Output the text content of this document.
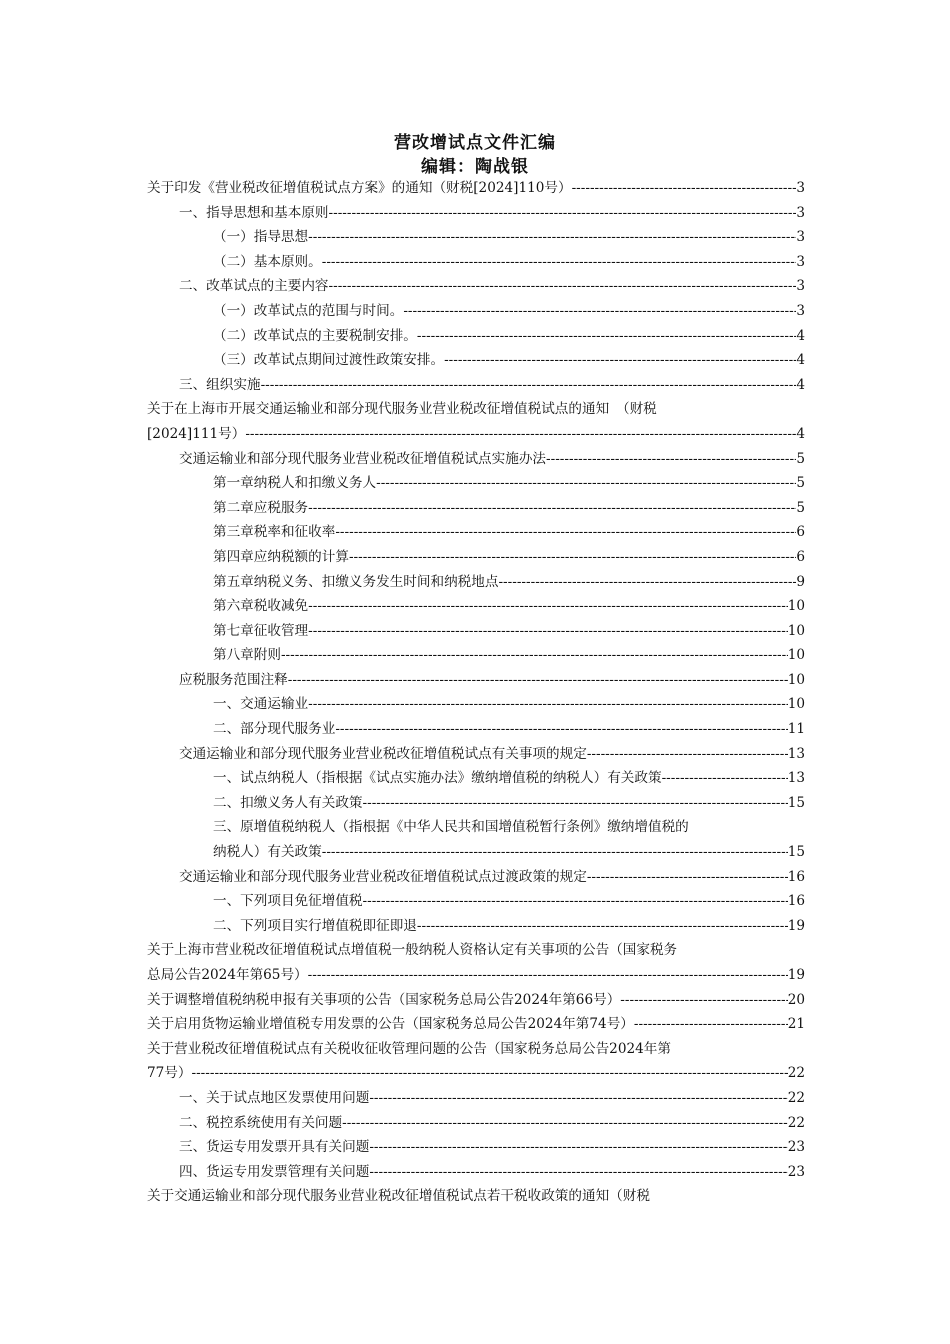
营改增试点文件汇编
编辑：陶战银
关于印发《营业税改征增值税试点方案》的通知（财税[2024]110号） -----	3
一、指导思想和基本原则 -----	3
（一）指导思想 -----	3
（二）基本原则。 -----	3
二、改革试点的主要内容 -----	3
（一）改革试点的范围与时间。 -----	3
（二）改革试点的主要税制安排。 -----	4
（三）改革试点期间过渡性政策安排。 -----	4
三、组织实施 -----	4
关于在上海市开展交通运输业和部分现代服务业营业税改征增值税试点的通知　（财税
[2024]111号） -----	4
交通运输业和部分现代服务业营业税改征增值税试点实施办法 -----	5
第一章纳税人和扣缴义务人 -----	5
第二章应税服务 -----	5
第三章税率和征收率 -----	6
第四章应纳税额的计算 -----	6
第五章纳税义务、扣缴义务发生时间和纳税地点 -----	9
第六章税收减免 -----	10
第七章征收管理 -----	10
第八章附则 -----	10
应税服务范围注释 -----	10
一、交通运输业 -----	10
二、部分现代服务业 -----	11
交通运输业和部分现代服务业营业税改征增值税试点有关事项的规定 -----	13
一、试点纳税人（指根据《试点实施办法》缴纳增值税的纳税人）有关政策 -----	13
二、扣缴义务人有关政策 -----	15
三、原增值税纳税人（指根据《中华人民共和国增值税暂行条例》缴纳增值税的
纳税人）有关政策 -----	15
交通运输业和部分现代服务业营业税改征增值税试点过渡政策的规定 -----	16
一、下列项目免征增值税 -----	16
二、下列项目实行增值税即征即退 -----	19
关于上海市营业税改征增值税试点增值税一般纳税人资格认定有关事项的公告（国家税务
总局公告2024年第65号） -----	19
关于调整增值税纳税申报有关事项的公告（国家税务总局公告2024年第66号） -----	20
关于启用货物运输业增值税专用发票的公告（国家税务总局公告2024年第74号） -----	21
关于营业税改征增值税试点有关税收征收管理问题的公告（国家税务总局公告2024年第
77号） -----	22
一、关于试点地区发票使用问题 -----	22
二、税控系统使用有关问题 -----	22
三、货运专用发票开具有关问题 -----	23
四、货运专用发票管理有关问题 -----	23
关于交通运输业和部分现代服务业营业税改征增值税试点若干税收政策的通知（财税
